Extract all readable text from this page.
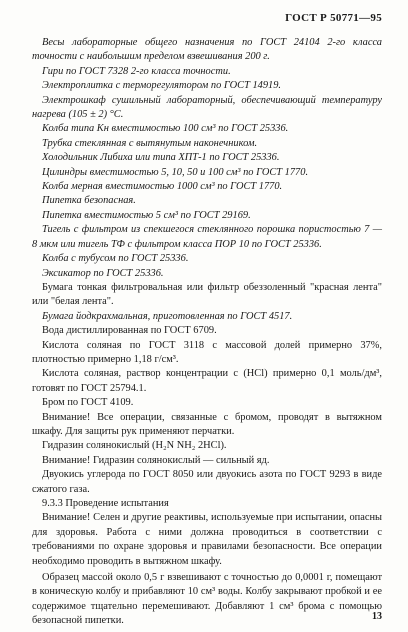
ГОСТ Р 50771—95

Весы лабораторные общего назначения по ГОСТ 24104 2-го класса точности с наибольшим пределом взвешивания 200 г.

Гири по ГОСТ 7328 2-го класса точности.

Электроплитка с терморегулятором по ГОСТ 14919.

Электрошкаф сушильный лабораторный, обеспечивающий температуру нагрева (105 ± 2) °С.

Колба типа Кн вместимостью 100 см³ по ГОСТ 25336.

Трубка стеклянная с вытянутым наконечником.

Холодильник Либиха или типа ХПТ-1 по ГОСТ 25336.

Цилиндры вместимостью 5, 10, 50 и 100 см³ по ГОСТ 1770.

Колба мерная вместимостью 1000 см³ по ГОСТ 1770.

Пипетка безопасная.

Пипетка вместимостью 5 см³ по ГОСТ 29169.

Тигель с фильтром из спекшегося стеклянного порошка пористостью 7 — 8 мкм или тигель ТФ с фильтром класса ПОР 10 по ГОСТ 25336.

Колба с тубусом по ГОСТ 25336.

Эксикатор по ГОСТ 25336.

Бумага тонкая фильтровальная или фильтр обеззоленный "красная лента" или "белая лента".

Бумага йодкрахмальная, приготовленная по ГОСТ 4517.

Вода дистиллированная по ГОСТ 6709.

Кислота соляная по ГОСТ 3118 с массовой долей примерно 37%, плотностью примерно 1,18 г/см³.

Кислота соляная, раствор концентрации с (HCl) примерно 0,1 моль/дм³, готовят по ГОСТ 25794.1.

Бром по ГОСТ 4109.

Внимание! Все операции, связанные с бромом, проводят в вытяжном шкафу. Для защиты рук применяют перчатки.

Гидразин солянокислый (H₂N NH₂ 2HCl).

Внимание! Гидразин солянокислый — сильный яд.

Двуокись углерода по ГОСТ 8050 или двуокись азота по ГОСТ 9293 в виде сжатого газа.

9.3.3 Проведение испытания

Внимание! Селен и другие реактивы, используемые при испытании, опасны для здоровья. Работа с ними должна проводиться в соответствии с требованиями по охране здоровья и правилами безопасности. Все операции необходимо проводить в вытяжном шкафу.

Образец массой около 0,5 г взвешивают с точностью до 0,0001 г, помещают в коническую колбу и прибавляют 10 см³ воды. Колбу закрывают пробкой и ее содержимое тщательно перемешивают. Добавляют 1 см³ брома с помощью безопасной пипетки.	13
